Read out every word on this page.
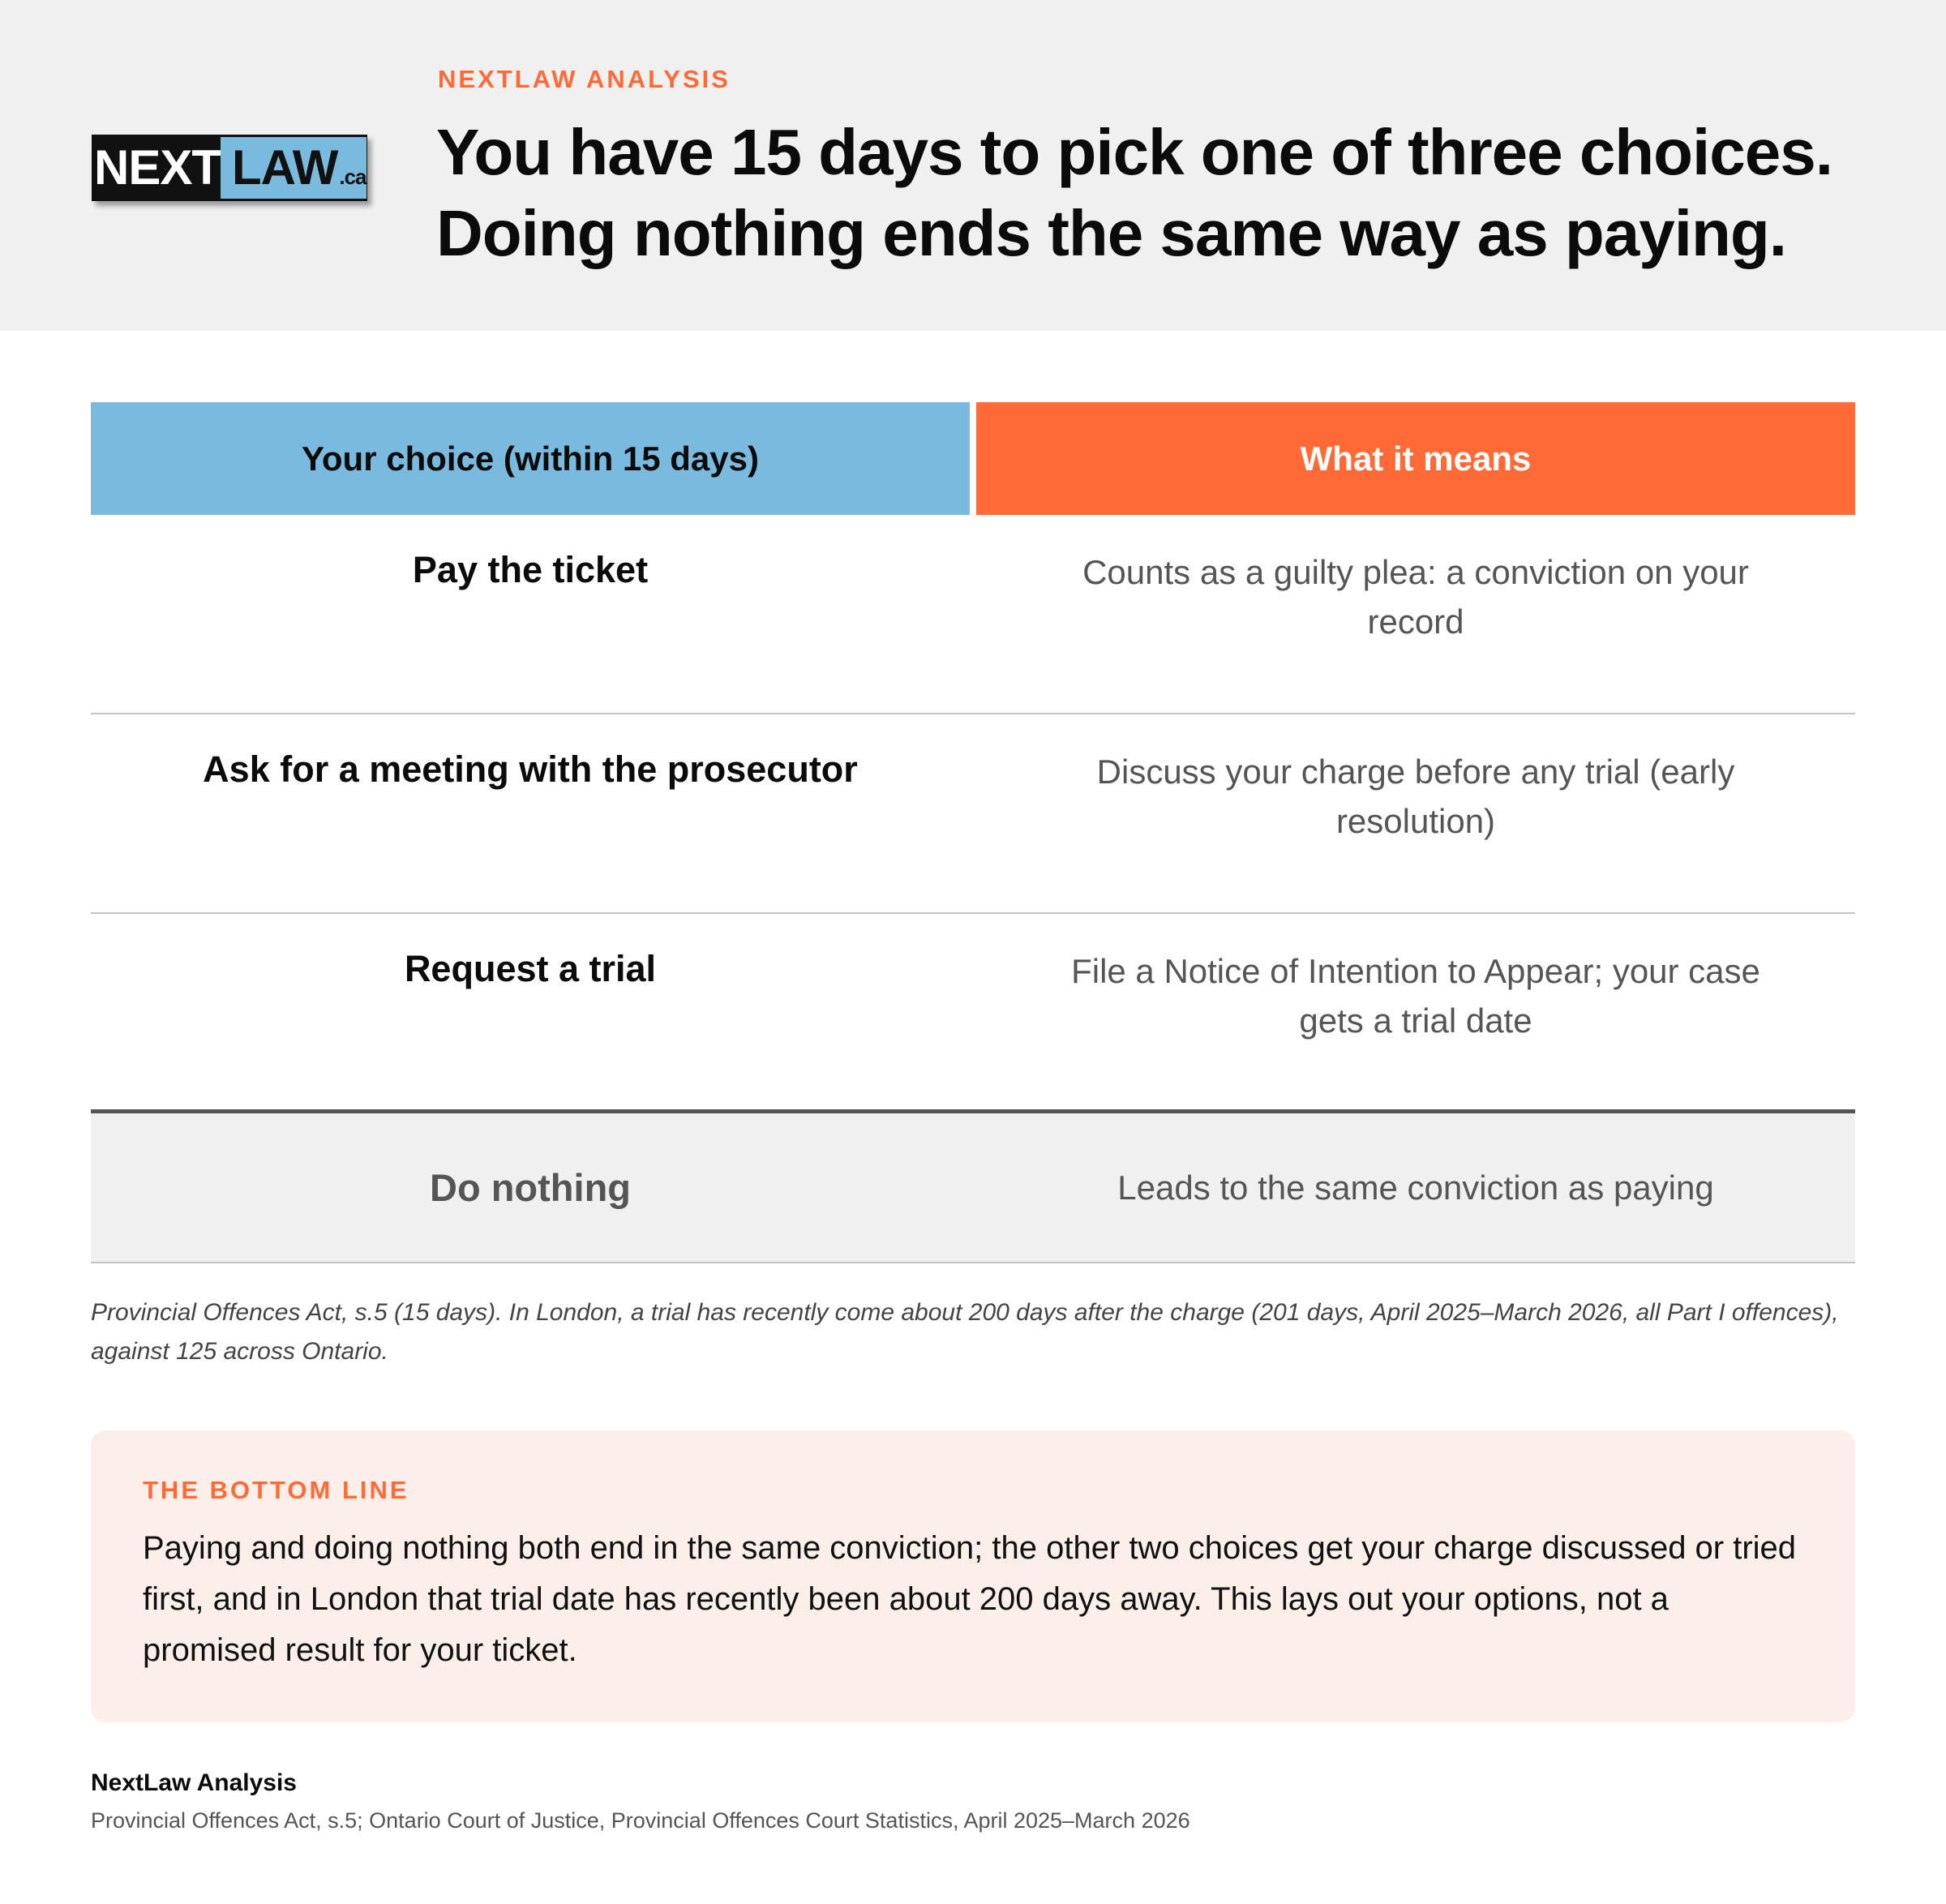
NEXT LAW.ca
NEXTLAW ANALYSIS
You have 15 days to pick one of three choices.
Doing nothing ends the same way as paying.
Your choice (within 15 days)	What it means
Pay the ticket	Counts as a guilty plea: a conviction on your record
Ask for a meeting with the prosecutor	Discuss your charge before any trial (early resolution)
Request a trial	File a Notice of Intention to Appear; your case gets a trial date
Do nothing	Leads to the same conviction as paying
Provincial Offences Act, s.5 (15 days). In London, a trial has recently come about 200 days after the charge (201 days, April 2025–March 2026, all Part I offences), against 125 across Ontario.
THE BOTTOM LINE
Paying and doing nothing both end in the same conviction; the other two choices get your charge discussed or tried first, and in London that trial date has recently been about 200 days away. This lays out your options, not a promised result for your ticket.
NextLaw Analysis
Provincial Offences Act, s.5; Ontario Court of Justice, Provincial Offences Court Statistics, April 2025–March 2026
